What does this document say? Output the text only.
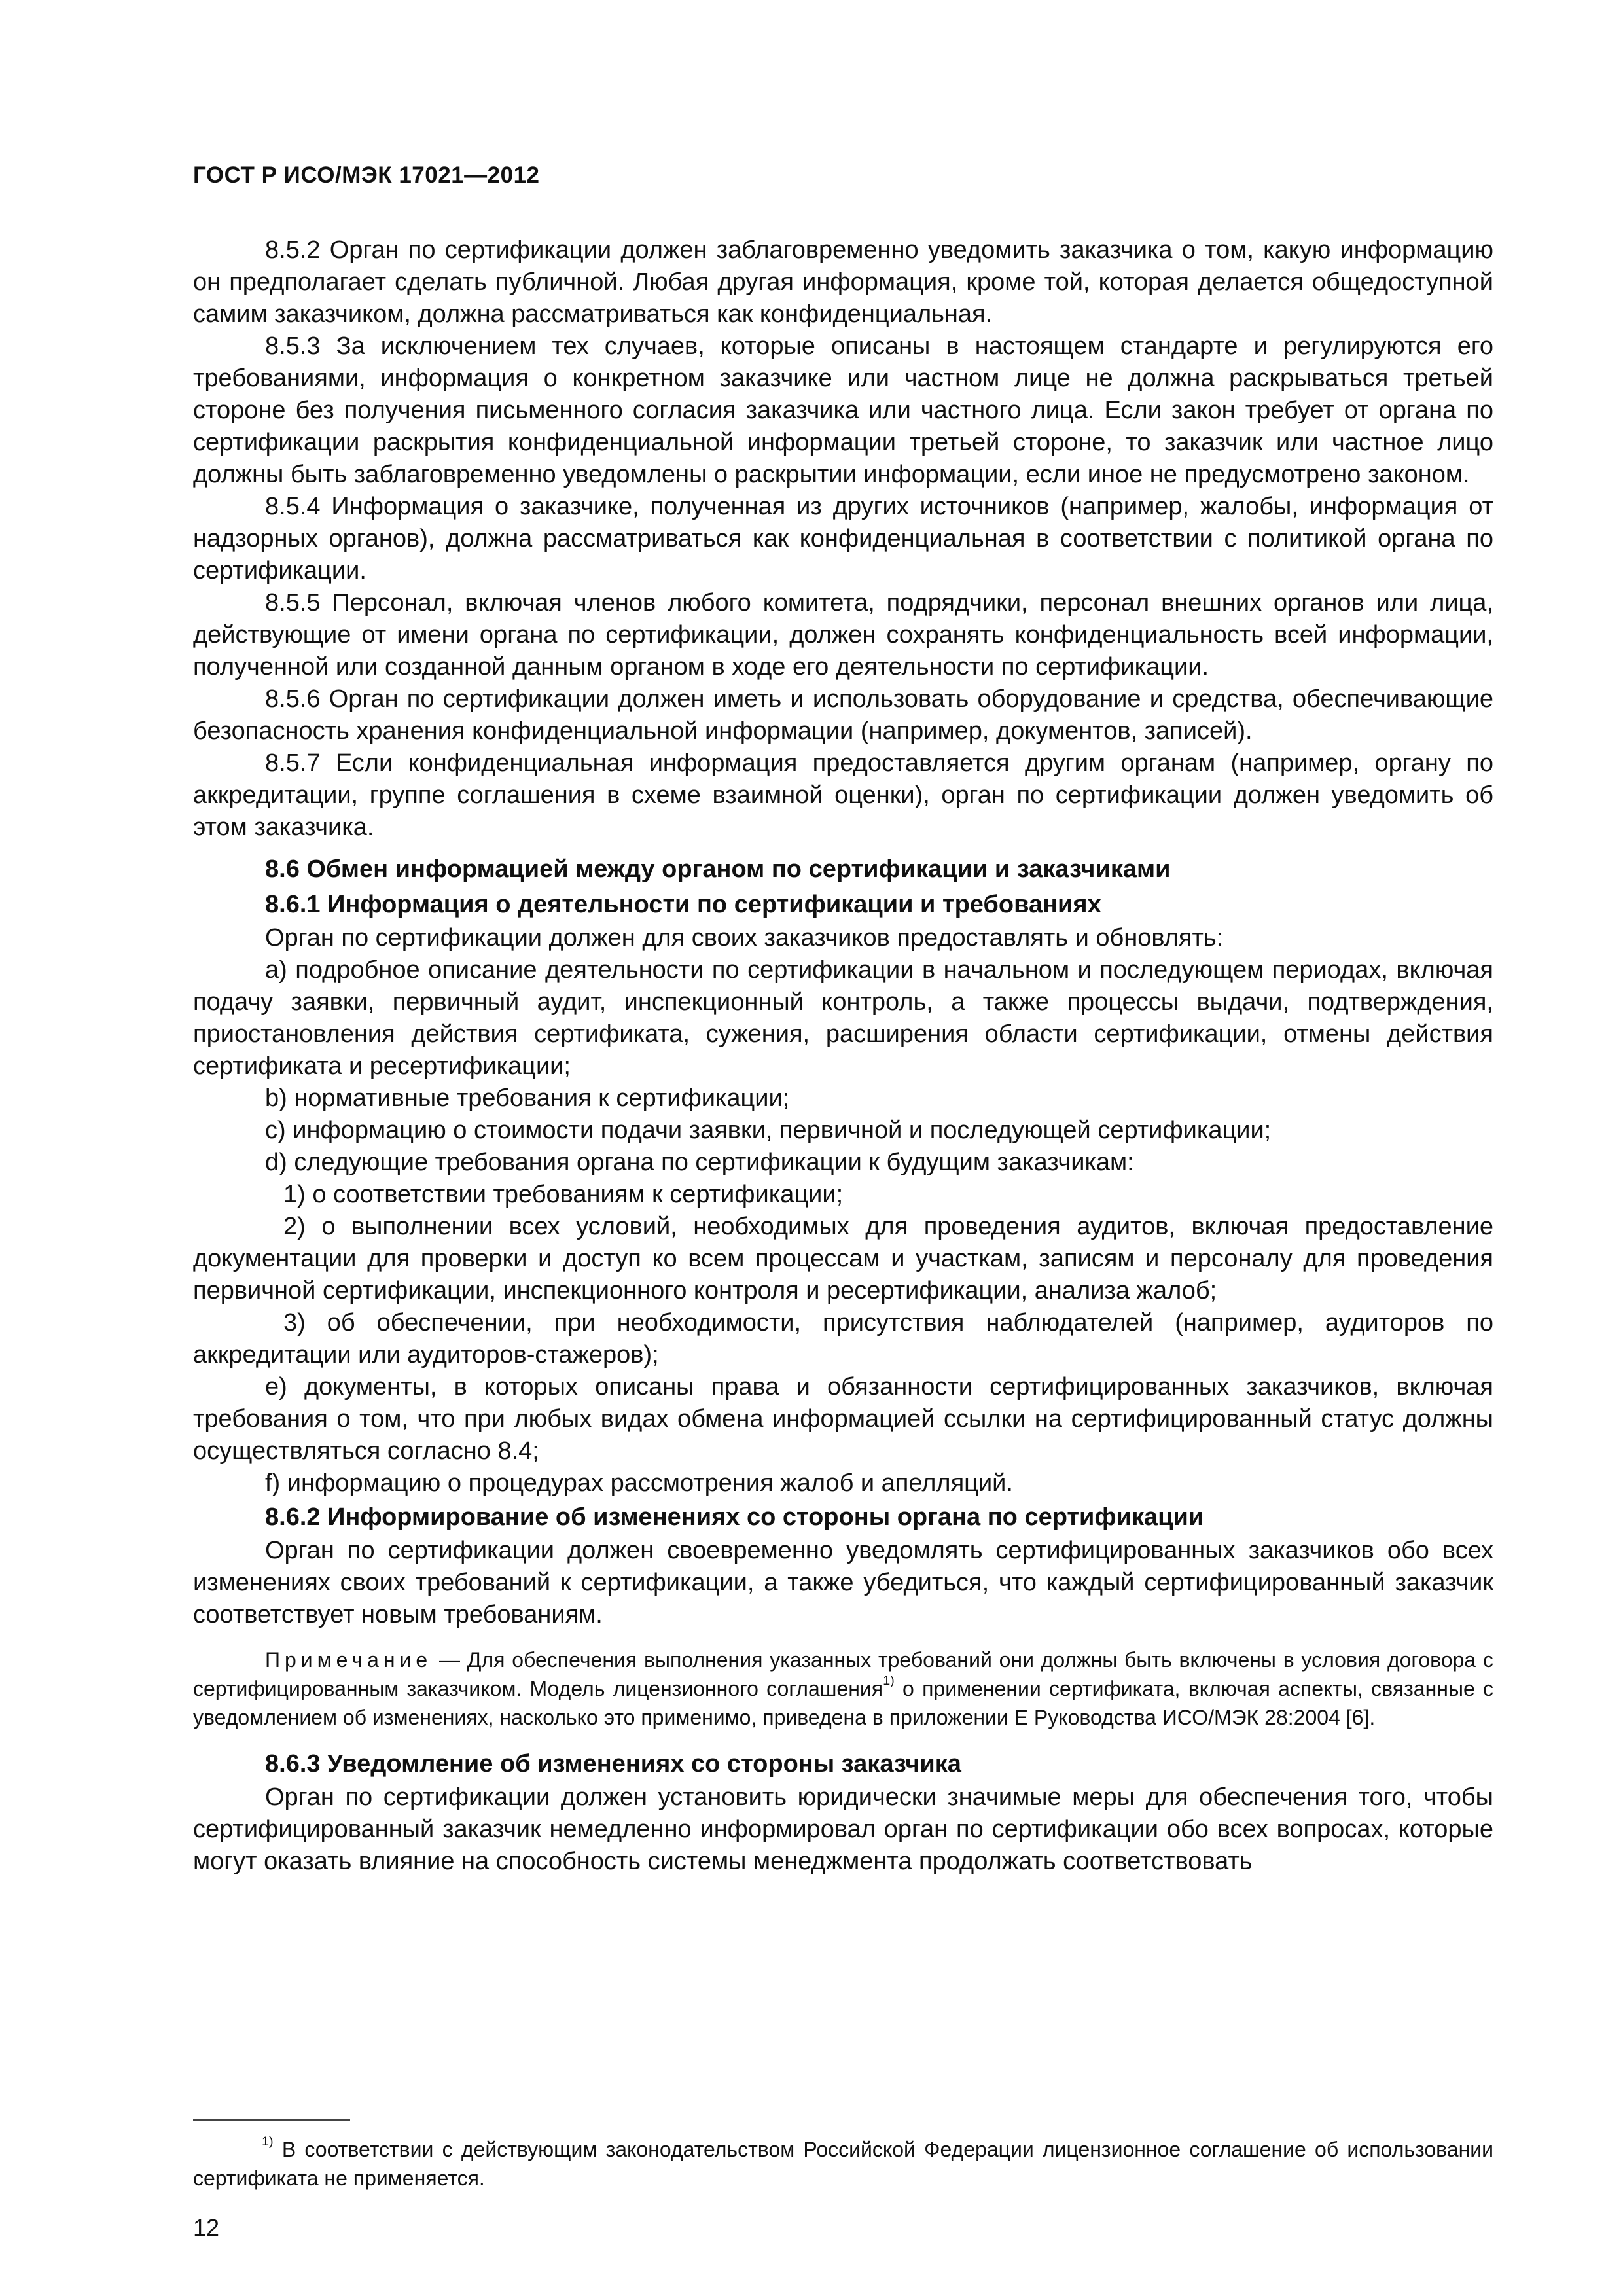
ГОСТ Р ИСО/МЭК 17021—2012

8.5.2 Орган по сертификации должен заблаговременно уведомить заказчика о том, какую информацию он предполагает сделать публичной. Любая другая информация, кроме той, которая делается общедоступной самим заказчиком, должна рассматриваться как конфиденциальная.

8.5.3 За исключением тех случаев, которые описаны в настоящем стандарте и регулируются его требованиями, информация о конкретном заказчике или частном лице не должна раскрываться третьей стороне без получения письменного согласия заказчика или частного лица. Если закон требует от органа по сертификации раскрытия конфиденциальной информации третьей стороне, то заказчик или частное лицо должны быть заблаговременно уведомлены о раскрытии информации, если иное не предусмотрено законом.

8.5.4 Информация о заказчике, полученная из других источников (например, жалобы, информация от надзорных органов), должна рассматриваться как конфиденциальная в соответствии с политикой органа по сертификации.

8.5.5 Персонал, включая членов любого комитета, подрядчики, персонал внешних органов или лица, действующие от имени органа по сертификации, должен сохранять конфиденциальность всей информации, полученной или созданной данным органом в ходе его деятельности по сертификации.

8.5.6 Орган по сертификации должен иметь и использовать оборудование и средства, обеспечивающие безопасность хранения конфиденциальной информации (например, документов, записей).

8.5.7 Если конфиденциальная информация предоставляется другим органам (например, органу по аккредитации, группе соглашения в схеме взаимной оценки), орган по сертификации должен уведомить об этом заказчика.

8.6 Обмен информацией между органом по сертификации и заказчиками

8.6.1 Информация о деятельности по сертификации и требованиях

Орган по сертификации должен для своих заказчиков предоставлять и обновлять:

a) подробное описание деятельности по сертификации в начальном и последующем периодах, включая подачу заявки, первичный аудит, инспекционный контроль, а также процессы выдачи, подтверждения, приостановления действия сертификата, сужения, расширения области сертификации, отмены действия сертификата и ресертификации;

b) нормативные требования к сертификации;

c) информацию о стоимости подачи заявки, первичной и последующей сертификации;

d) следующие требования органа по сертификации к будущим заказчикам:

1) о соответствии требованиям к сертификации;

2) о выполнении всех условий, необходимых для проведения аудитов, включая предоставление документации для проверки и доступ ко всем процессам и участкам, записям и персоналу для проведения первичной сертификации, инспекционного контроля и ресертификации, анализа жалоб;

3) об обеспечении, при необходимости, присутствия наблюдателей (например, аудиторов по аккредитации или аудиторов-стажеров);

e) документы, в которых описаны права и обязанности сертифицированных заказчиков, включая требования о том, что при любых видах обмена информацией ссылки на сертифицированный статус должны осуществляться согласно 8.4;

f) информацию о процедурах рассмотрения жалоб и апелляций.

8.6.2 Информирование об изменениях со стороны органа по сертификации

Орган по сертификации должен своевременно уведомлять сертифицированных заказчиков обо всех изменениях своих требований к сертификации, а также убедиться, что каждый сертифицированный заказчик соответствует новым требованиям.

Примечание — Для обеспечения выполнения указанных требований они должны быть включены в условия договора с сертифицированным заказчиком. Модель лицензионного соглашения$^{1)}$ о применении сертификата, включая аспекты, связанные с уведомлением об изменениях, насколько это применимо, приведена в приложении Е Руководства ИСО/МЭК 28:2004 [6].

8.6.3 Уведомление об изменениях со стороны заказчика

Орган по сертификации должен установить юридически значимые меры для обеспечения того, чтобы сертифицированный заказчик немедленно информировал орган по сертификации обо всех вопросах, которые могут оказать влияние на способность системы менеджмента продолжать соответствовать

$^{1)}$ В соответствии с действующим законодательством Российской Федерации лицензионное соглашение об использовании сертификата не применяется.

12
